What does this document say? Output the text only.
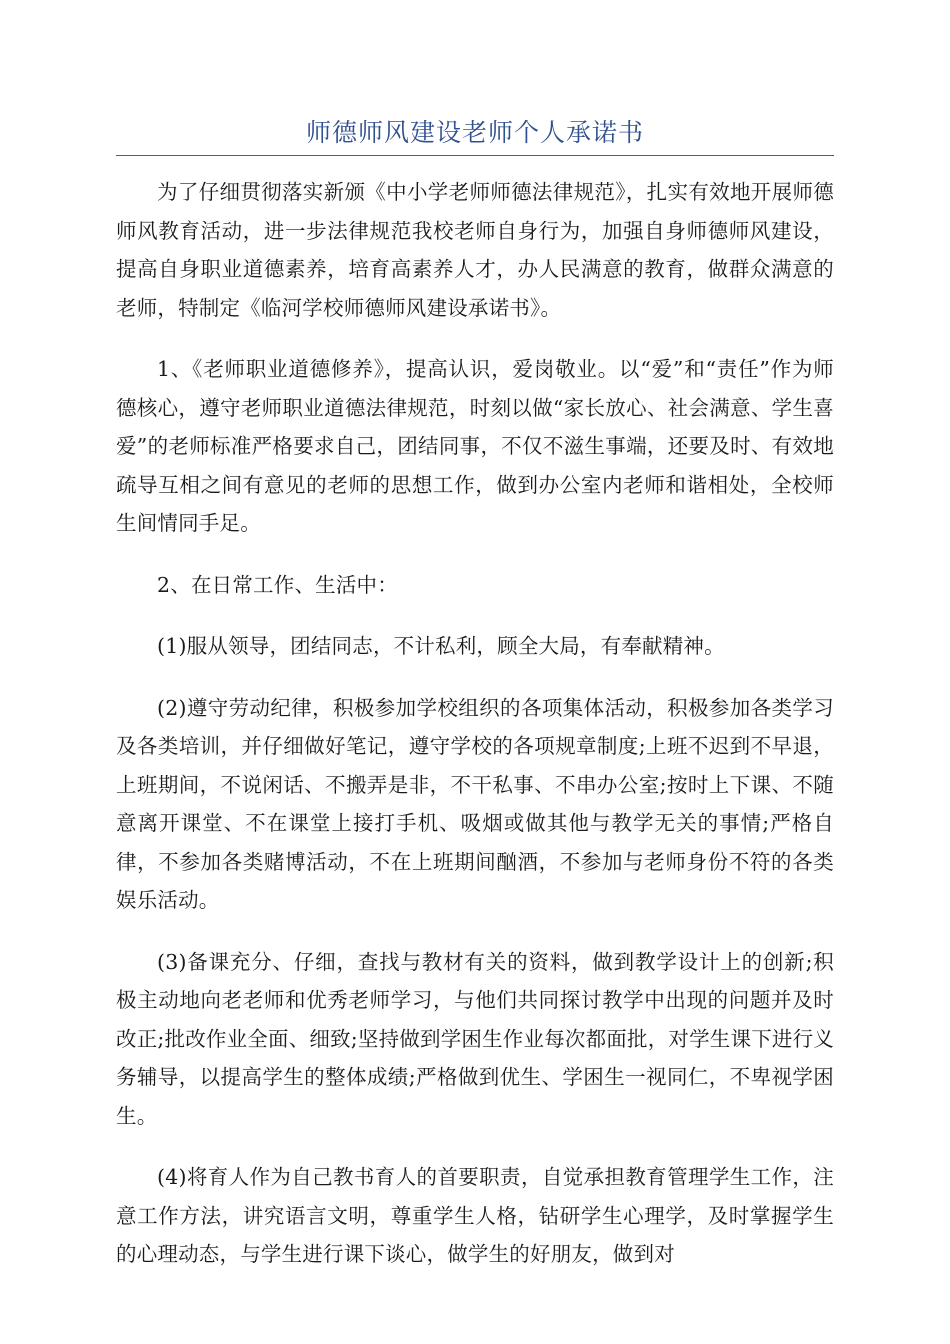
师德师风建设老师个人承诺书

为了仔细贯彻落实新颁《中小学老师师德法律规范》，扎实有效地开展师德师风教育活动，进一步法律规范我校老师自身行为，加强自身师德师风建设，提高自身职业道德素养，培育高素养人才，办人民满意的教育，做群众满意的老师，特制定《临河学校师德师风建设承诺书》。

1、《老师职业道德修养》，提高认识，爱岗敬业。以“爱”和“责任”作为师德核心，遵守老师职业道德法律规范，时刻以做“家长放心、社会满意、学生喜爱”的老师标准严格要求自己，团结同事，不仅不滋生事端，还要及时、有效地疏导互相之间有意见的老师的思想工作，做到办公室内老师和谐相处，全校师生间情同手足。

2、在日常工作、生活中：

(1)服从领导，团结同志，不计私利，顾全大局，有奉献精神。

(2)遵守劳动纪律，积极参加学校组织的各项集体活动，积极参加各类学习及各类培训，并仔细做好笔记，遵守学校的各项规章制度;上班不迟到不早退，上班期间，不说闲话、不搬弄是非，不干私事、不串办公室;按时上下课、不随意离开课堂、不在课堂上接打手机、吸烟或做其他与教学无关的事情;严格自律，不参加各类赌博活动，不在上班期间酗酒，不参加与老师身份不符的各类娱乐活动。

(3)备课充分、仔细，查找与教材有关的资料，做到教学设计上的创新;积极主动地向老老师和优秀老师学习，与他们共同探讨教学中出现的问题并及时改正;批改作业全面、细致;坚持做到学困生作业每次都面批，对学生课下进行义务辅导，以提高学生的整体成绩;严格做到优生、学困生一视同仁，不卑视学困生。

(4)将育人作为自己教书育人的首要职责，自觉承担教育管理学生工作，注意工作方法，讲究语言文明，尊重学生人格，钻研学生心理学，及时掌握学生的心理动态，与学生进行课下谈心，做学生的好朋友，做到对
